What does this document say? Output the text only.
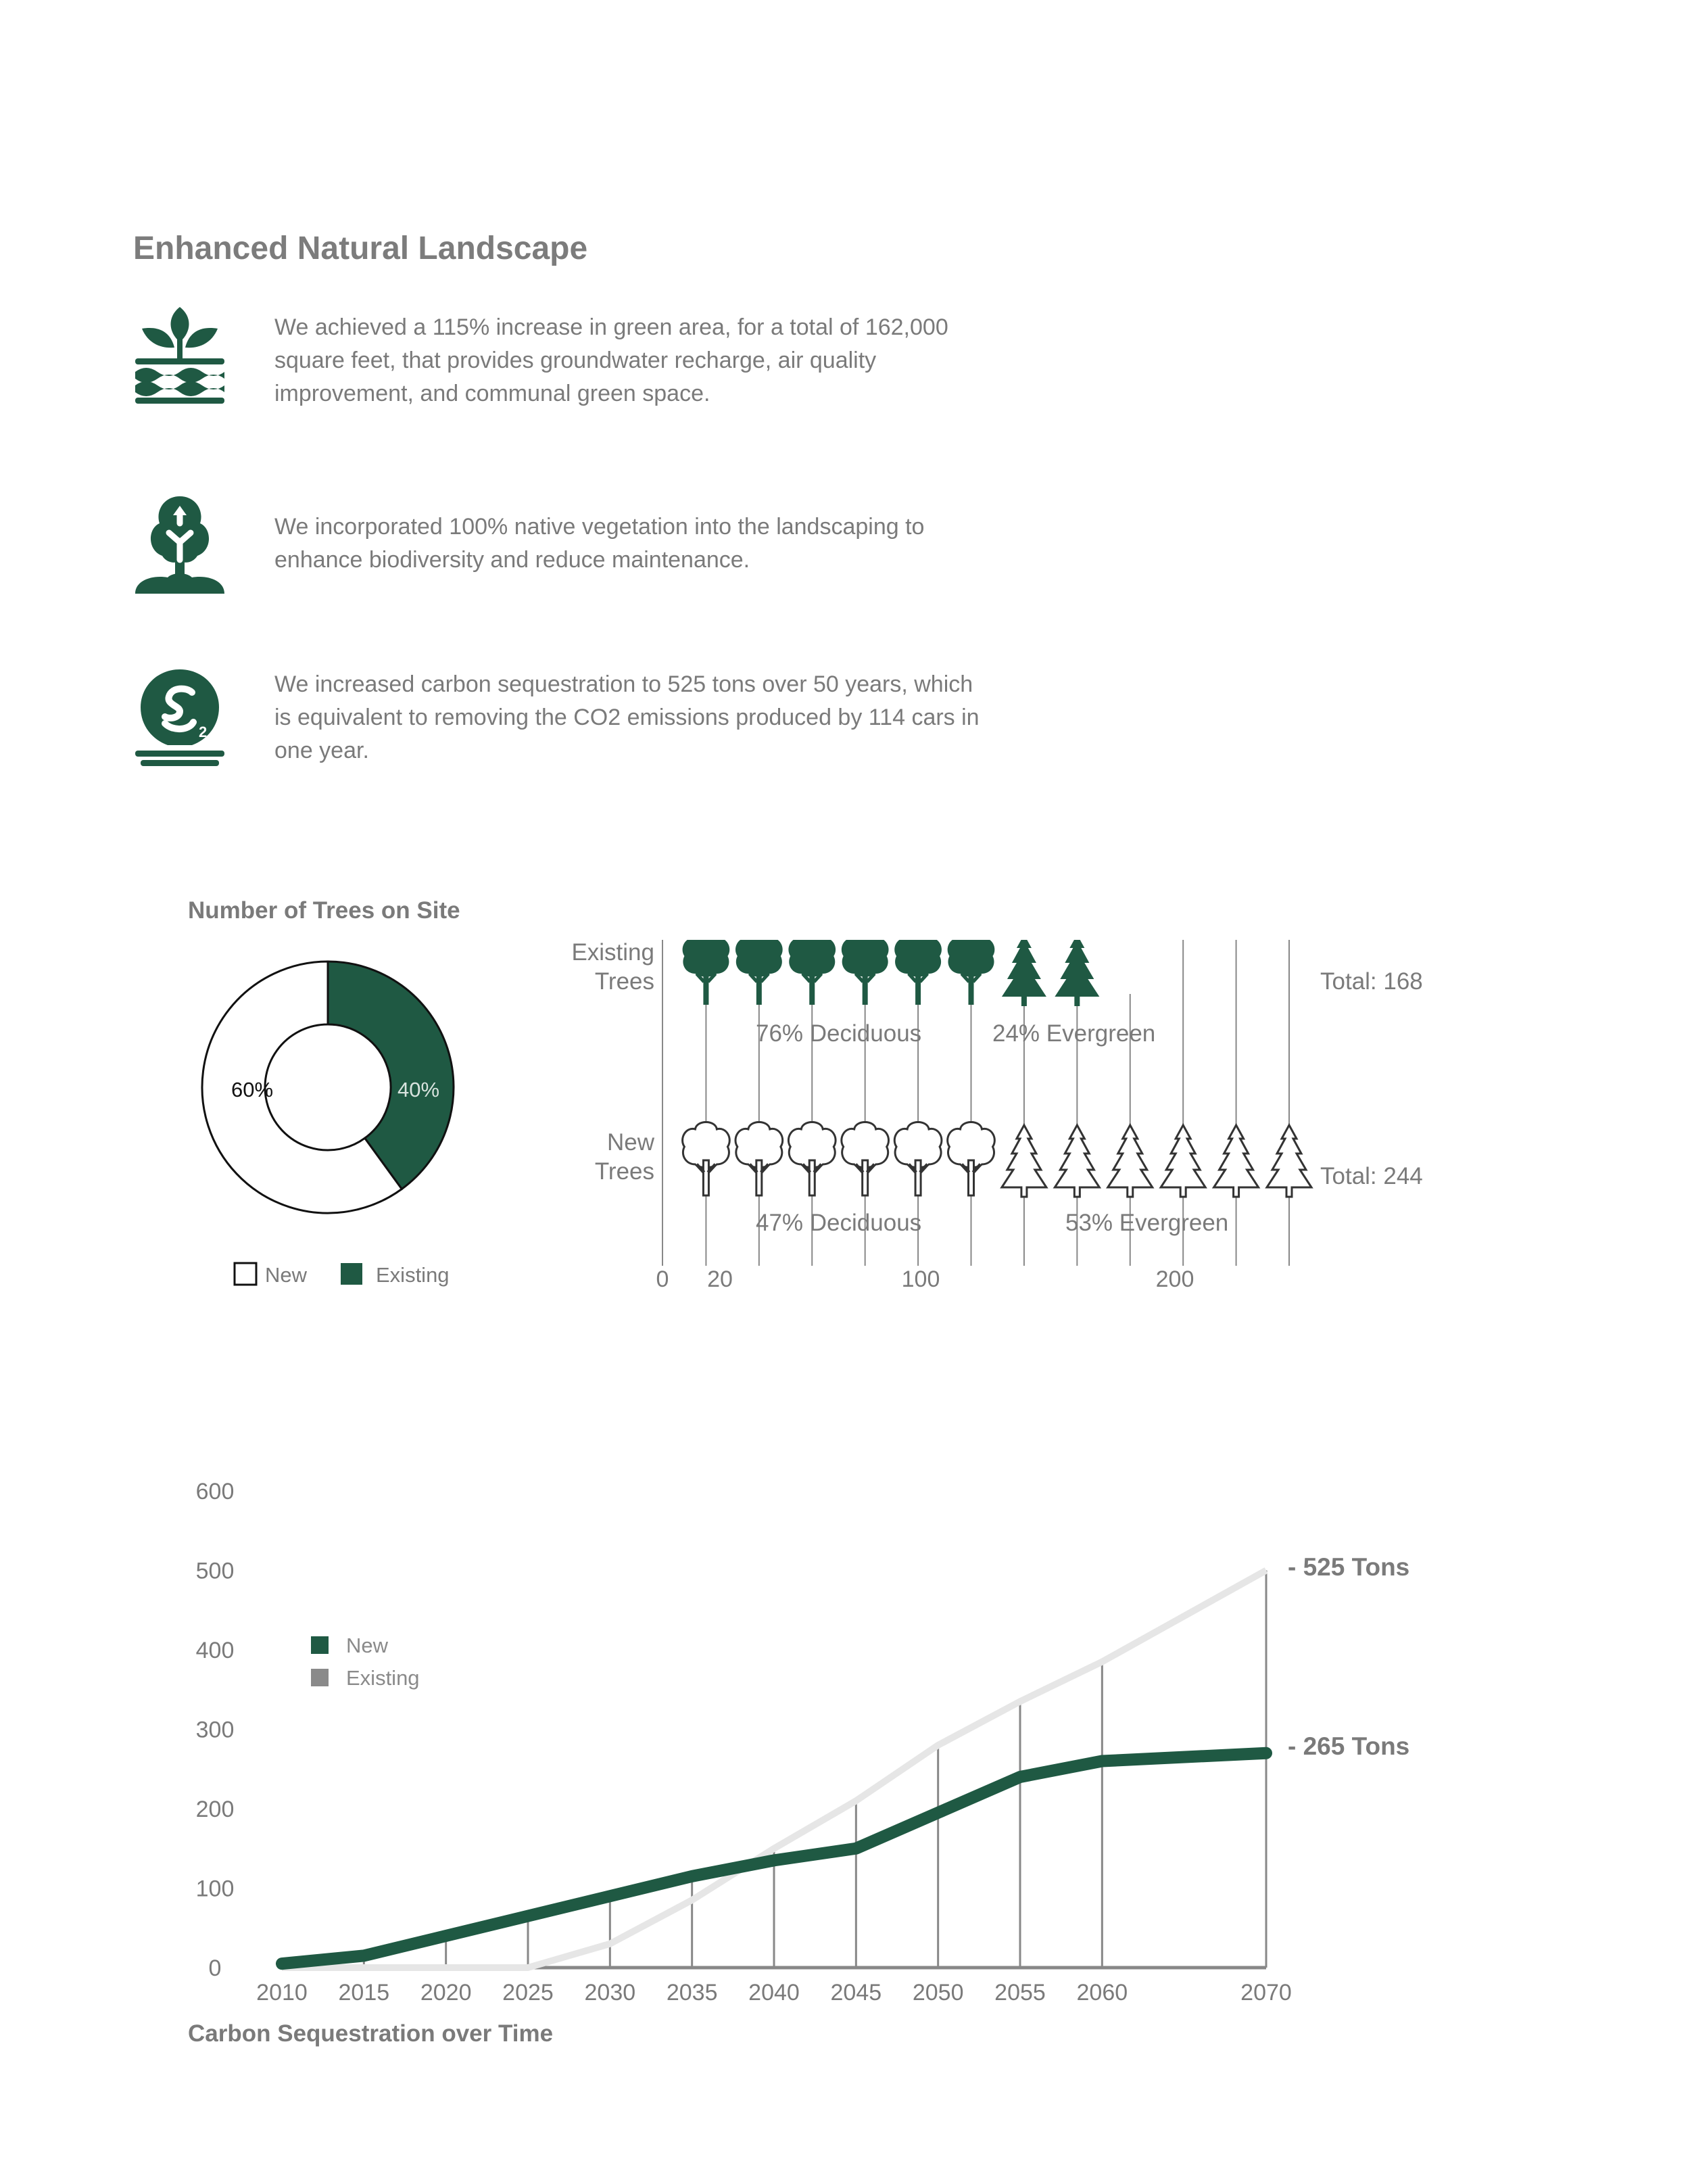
Enhanced Natural Landscape
We achieved a 115% increase in green area, for a total of 162,000 square feet, that provides groundwater recharge, air quality improvement, and communal green space.
We incorporated 100% native vegetation into the landscaping to enhance biodiversity and reduce maintenance.
2
We increased carbon sequestration to 525 tons over 50 years, which is equivalent to removing the CO2 emissions produced by 114 cars in one year.
Number of Trees on Site
60%	40%
New	Existing
Existing
Trees
New
Trees
76% Deciduous	24% Evergreen
47% Deciduous	53% Evergreen
Total: 168
Total: 244
0 20	100	200
0
100
200
300
400
500
600
2010 2015 2020 2025 2030 2035 2040 2045 2050 2055 2060	2070
New
Existing
- 525 Tons
- 265 Tons
Carbon Sequestration over Time
